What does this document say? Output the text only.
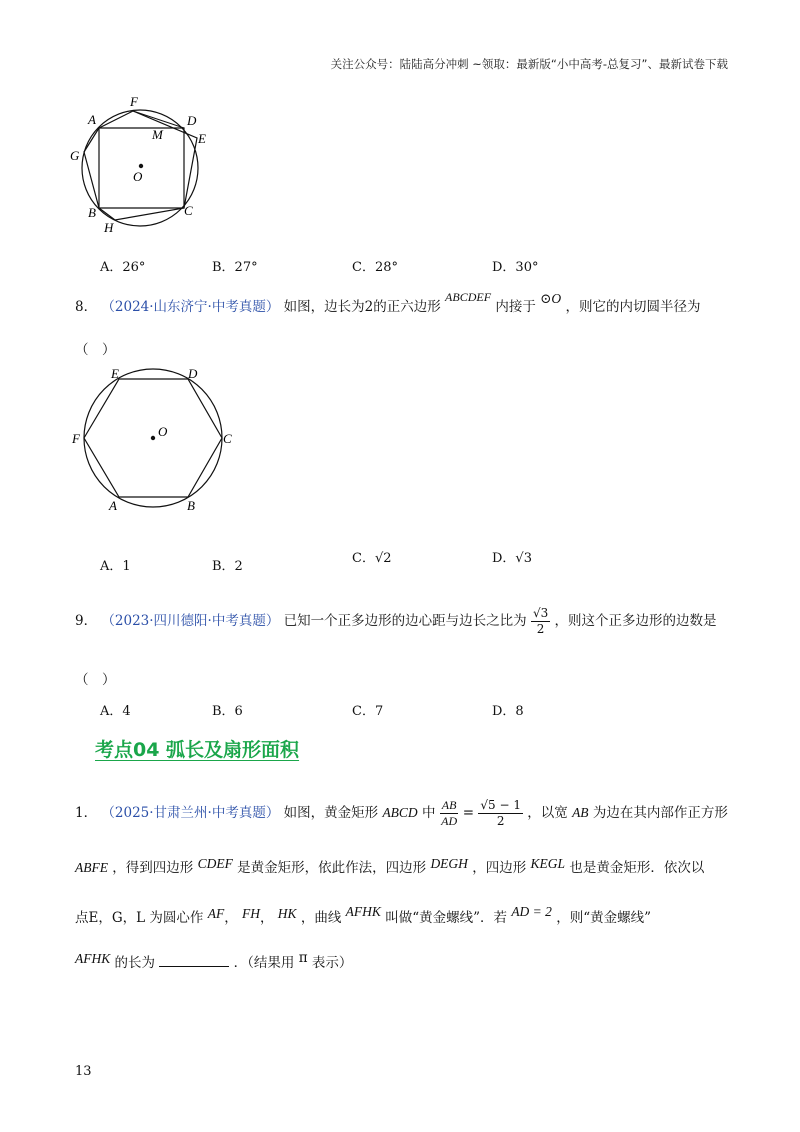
关注公众号：陆陆高分冲刺 ~领取：最新版“小中高考-总复习”、最新试卷下载
A
F
D
E
M
G
O
B	C
H
A．26°	B．27°	C．28°	D．30°
8． （2024·山东济宁·中考真题） 如图，边长为2的正六边形 ABCDEF 内接于 ⊙O ，则它的内切圆半径为
（　）
E	D
F	O	C
A	B
A．1	B．2
C．√2	D．√3
9． （2023·四川德阳·中考真题） 已知一个正多边形的边心距与边长之比为 $\frac{√3}{2}$ ，则这个正多边形的边数是
（　）
A．4	B．6	C．7	D．8
考点04 弧长及扇形面积
1． （2025·甘肃兰州·中考真题） 如图，黄金矩形 ABCD 中 $\frac{AB}{AD} = \frac{√5 - 1}{2}$ ，以宽 AB 为边在其内部作正方形
ABFE ，得到四边形 CDEF 是黄金矩形，依此作法，四边形 DEGH ，四边形 KEGL 也是黄金矩形．依次以
点E，G，L 为圆心作 AF， FH， HK ，曲线 AFHK 叫做“黄金螺线”．若 AD = 2 ，则“黄金螺线”
AFHK 的长为	．（结果用 π 表示）
13
